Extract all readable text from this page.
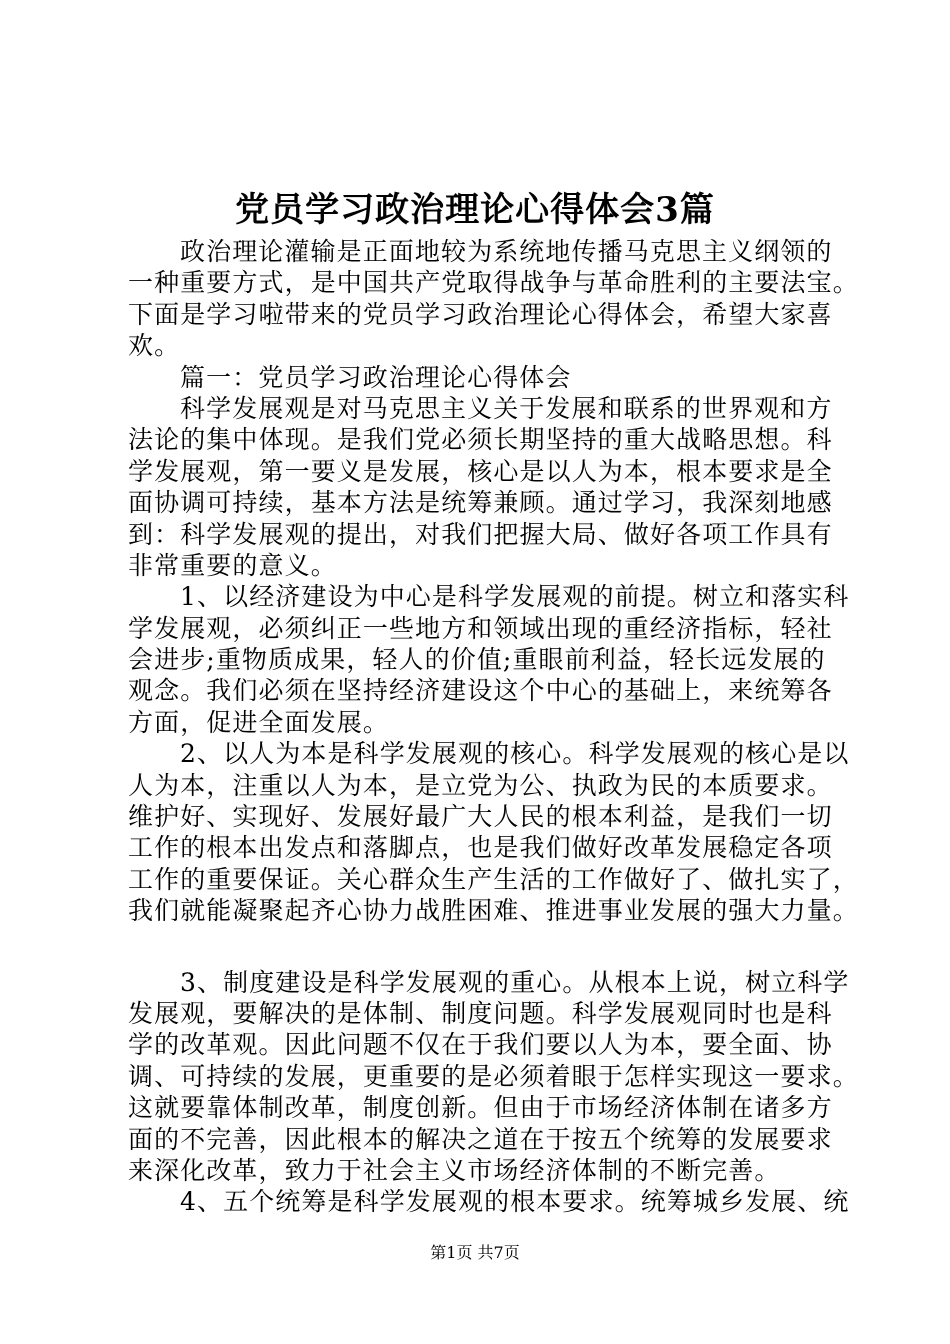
党员学习政治理论心得体会3篇
政治理论灌输是正面地较为系统地传播马克思主义纲领的
一种重要方式，是中国共产党取得战争与革命胜利的主要法宝。
下面是学习啦带来的党员学习政治理论心得体会，希望大家喜
欢。
篇一：党员学习政治理论心得体会
科学发展观是对马克思主义关于发展和联系的世界观和方
法论的集中体现。是我们党必须长期坚持的重大战略思想。科
学发展观，第一要义是发展，核心是以人为本，根本要求是全
面协调可持续，基本方法是统筹兼顾。通过学习，我深刻地感
到：科学发展观的提出，对我们把握大局、做好各项工作具有
非常重要的意义。
1、以经济建设为中心是科学发展观的前提。树立和落实科
学发展观，必须纠正一些地方和领域出现的重经济指标，轻社
会进步;重物质成果，轻人的价值;重眼前利益，轻长远发展的
观念。我们必须在坚持经济建设这个中心的基础上，来统筹各
方面，促进全面发展。
2、以人为本是科学发展观的核心。科学发展观的核心是以
人为本，注重以人为本，是立党为公、执政为民的本质要求。
维护好、实现好、发展好最广大人民的根本利益，是我们一切
工作的根本出发点和落脚点，也是我们做好改革发展稳定各项
工作的重要保证。关心群众生产生活的工作做好了、做扎实了，
我们就能凝聚起齐心协力战胜困难、推进事业发展的强大力量。
3、制度建设是科学发展观的重心。从根本上说，树立科学
发展观，要解决的是体制、制度问题。科学发展观同时也是科
学的改革观。因此问题不仅在于我们要以人为本，要全面、协
调、可持续的发展，更重要的是必须着眼于怎样实现这一要求。
这就要靠体制改革，制度创新。但由于市场经济体制在诸多方
面的不完善，因此根本的解决之道在于按五个统筹的发展要求
来深化改革，致力于社会主义市场经济体制的不断完善。
4、五个统筹是科学发展观的根本要求。统筹城乡发展、统
第1页 共7页
